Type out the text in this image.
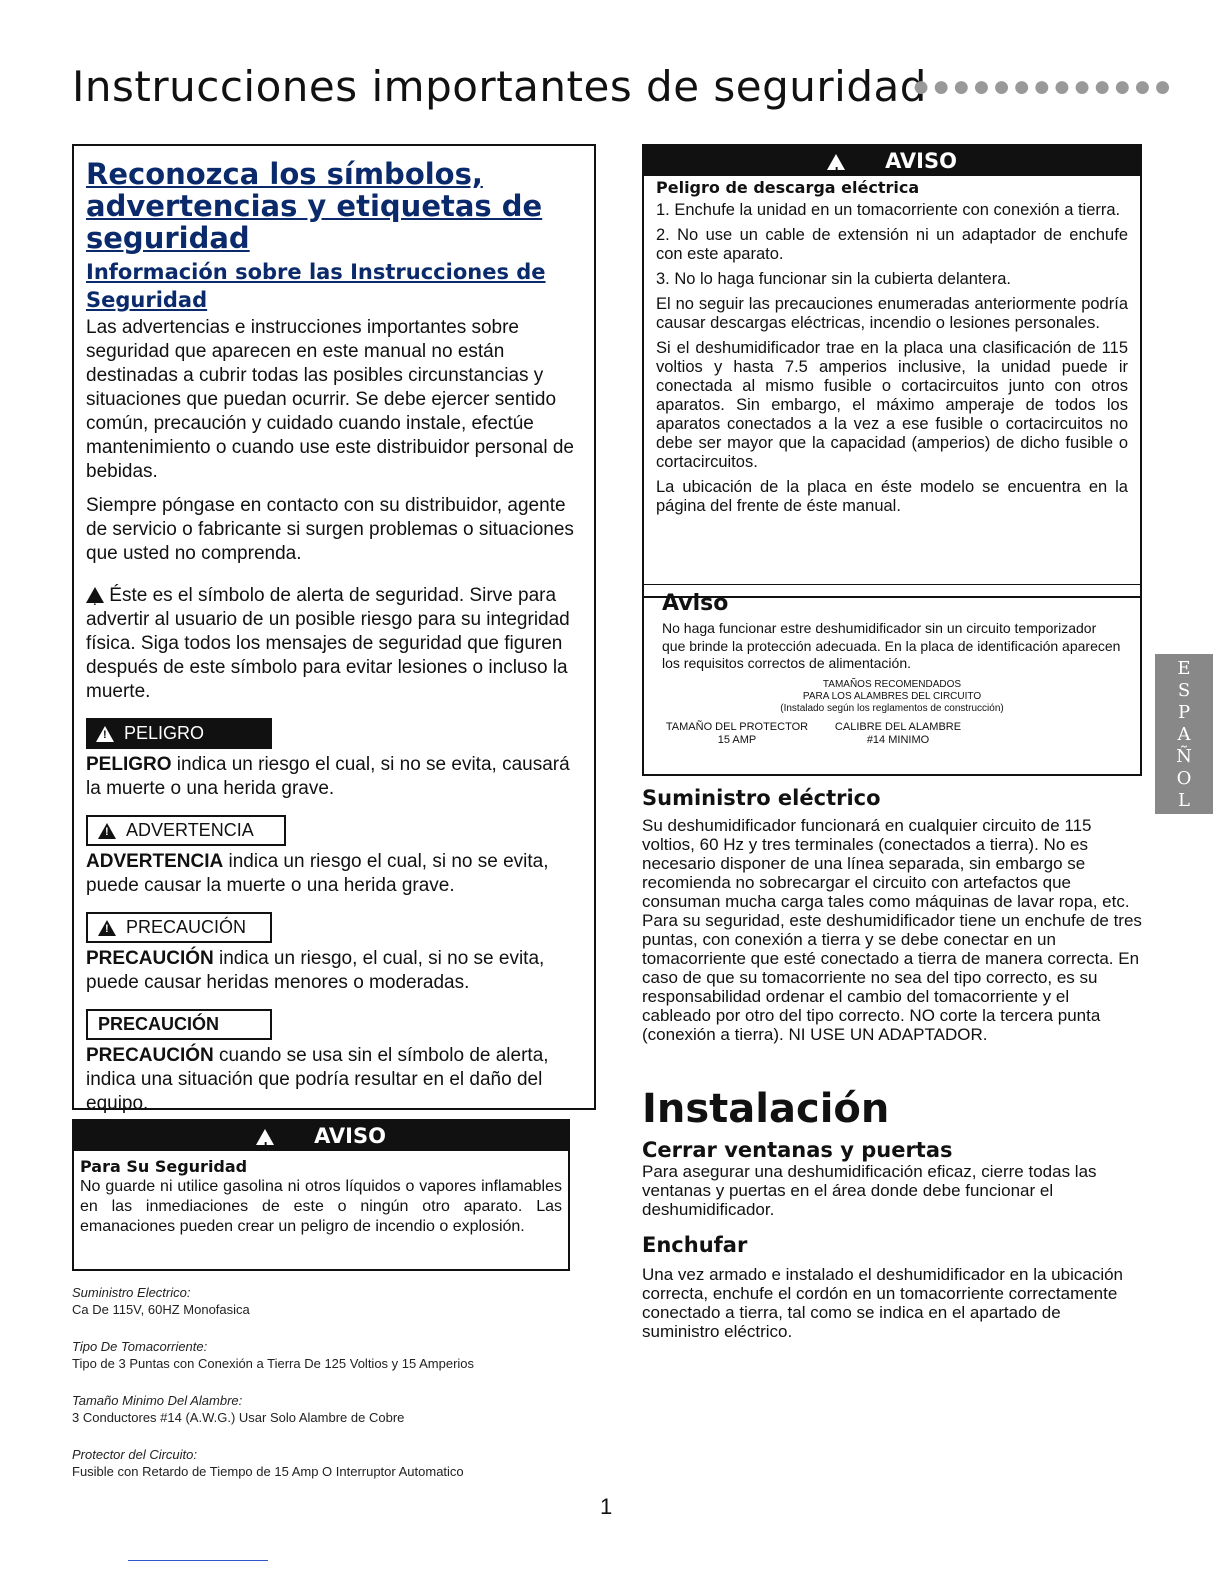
Instrucciones importantes de seguridad
●●●●●●●●●●●●●
Reconozca los símbolos, advertencias y etiquetas de seguridad
Información sobre las Instrucciones de Seguridad

Las advertencias e instrucciones importantes sobre seguridad que aparecen en este manual no están destinadas a cubrir todas las posibles circunstancias y situaciones que puedan ocurrir. Se debe ejercer sentido común, precaución y cuidado cuando instale, efectúe mantenimiento o cuando use este distribuidor personal de bebidas.

Siempre póngase en contacto con su distribuidor, agente de servicio o fabricante si surgen problemas o situaciones que usted no comprenda.

! Éste es el símbolo de alerta de seguridad. Sirve para advertir al usuario de un posible riesgo para su integridad física. Siga todos los mensajes de seguridad que figuren después de este símbolo para evitar lesiones o incluso la muerte.

!
PELIGRO

PELIGRO indica un riesgo el cual, si no se evita, causará la muerte o una herida grave.

!
ADVERTENCIA

ADVERTENCIA indica un riesgo el cual, si no se evita, puede causar la muerte o una herida grave.

!
PRECAUCIÓN

PRECAUCIÓN indica un riesgo, el cual, si no se evita, puede causar heridas menores o moderadas.

PRECAUCIÓN

PRECAUCIÓN cuando se usa sin el símbolo de alerta, indica una situación que podría resultar en el daño del equipo.

!AVISO
Para Su Seguridad
No guarde ni utilice gasolina ni otros líquidos o vapores inflamables en las inmediaciones de este o ningún otro aparato. Las emanaciones pueden crear un peligro de incendio o explosión.
Suministro Electrico:
Ca De 115V, 60HZ Monofasica
Tipo De Tomacorriente:
Tipo de 3 Puntas con Conexión a Tierra De 125 Voltios y 15 Amperios
Tamaño Minimo Del Alambre:
3 Conductores #14 (A.W.G.) Usar Solo Alambre de Cobre
Protector del Circuito:
Fusible con Retardo de Tiempo de 15 Amp O Interruptor Automatico
!AVISO
Peligro de descarga eléctrica

1. Enchufe la unidad en un tomacorriente con conexión a tierra.

2. No use un cable de extensión ni un adaptador de enchufe con este aparato.

3. No lo haga funcionar sin la cubierta delantera.

El no seguir las precauciones enumeradas anteriormente podría causar descargas eléctricas, incendio o lesiones personales.

Si el deshumidificador trae en la placa una clasificación de 115 voltios y hasta 7.5 amperios inclusive, la unidad puede ir conectada al mismo fusible o cortacircuitos junto con otros aparatos. Sin embargo, el máximo amperaje de todos los aparatos conectados a la vez a ese fusible o cortacircuitos no debe ser mayor que la capacidad (amperios) de dicho fusible o cortacircuitos.

La ubicación de la placa en éste modelo se encuentra en la página del frente de éste manual.

Aviso
No haga funcionar estre deshumidificador sin un circuito temporizador que brinde la protección adecuada. En la placa de identificación aparecen los requisitos correctos de alimentación.
TAMAÑOS RECOMENDADOS
PARA LOS ALAMBRES DEL CIRCUITO
(Instalado según los reglamentos de construcción)
TAMAÑO DEL PROTECTOR
15 AMP
CALIBRE DEL ALAMBRE
#14 MINIMO
Suministro eléctrico

Su deshumidificador funcionará en cualquier circuito de 115 voltios, 60 Hz y tres terminales (conectados a tierra). No es necesario disponer de una línea separada, sin embargo se recomienda no sobrecargar el circuito con artefactos que consuman mucha carga tales como máquinas de lavar ropa, etc. Para su seguridad, este deshumidificador tiene un enchufe de tres puntas, con conexión a tierra y se debe conectar en un tomacorriente que esté conectado a tierra de manera correcta. En caso de que su tomacorriente no sea del tipo correcto, es su responsabilidad ordenar el cambio del tomacorriente y el cableado por otro del tipo correcto. NO corte la tercera punta (conexión a tierra). NI USE UN ADAPTADOR.

Instalación
Cerrar ventanas y puertas

Para asegurar una deshumidificación eficaz, cierre todas las ventanas y puertas en el área donde debe funcionar el deshumidificador.

Enchufar

Una vez armado e instalado el deshumidificador en la ubicación correcta, enchufe el cordón en un tomacorriente correctamente conectado a tierra, tal como se indica en el apartado de suministro eléctrico.

E
S
P
A
Ñ
O
L
1
